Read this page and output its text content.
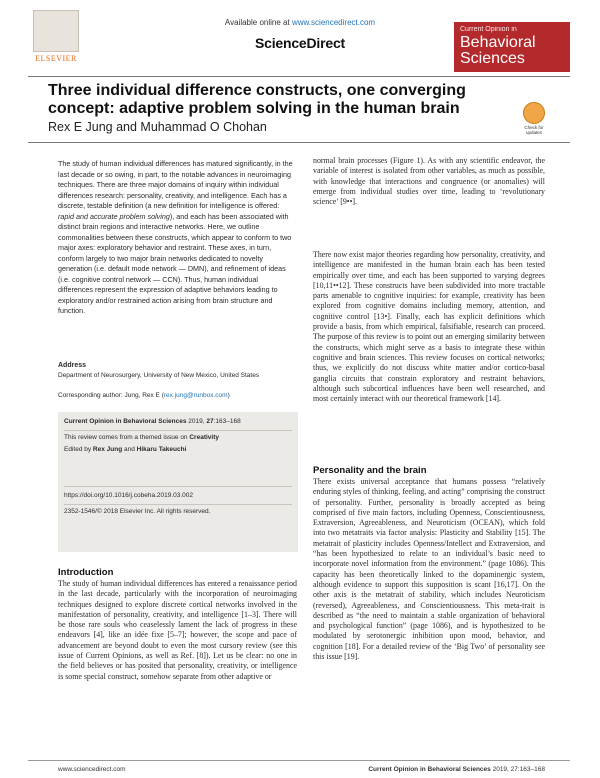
ELSEVIER
Available online at www.sciencedirect.com
ScienceDirect
Current Opinion in
Behavioral
Sciences
Three individual difference constructs, one converging concept: adaptive problem solving in the human brain
Rex E Jung and Muhammad O Chohan	Check for updates

The study of human individual differences has matured significantly, in the last decade or so owing, in part, to the notable advances in neuroimaging techniques. There are three major domains of inquiry within individual differences research: personality, creativity, and intelligence. Each has a discrete, testable definition (a new definition for intelligence is offered: rapid and accurate problem solving), and each has been associated with distinct brain regions and interactive networks. Here, we outline commonalities between these constructs, which appear to conform to two major axes: exploratory behavior and restraint. These axes, in turn, conform largely to two major brain networks dedicated to novelty generation (i.e. default mode network — DMN), and refinement of ideas (i.e. cognitive control network — CCN). Thus, human individual differences represent the expression of adaptive behaviors leading to exploratory and/or restrained action arising from brain structure and function.

Address
Department of Neurosurgery, University of New Mexico, United States
Corresponding author: Jung, Rex E (rex.jung@runbox.com)
Current Opinion in Behavioral Sciences 2019, 27:163–168
This review comes from a themed issue on Creativity
Edited by Rex Jung and Hikaru Takeuchi
https://doi.org/10.1016/j.cobeha.2019.03.002
2352-1546/© 2018 Elsevier Inc. All rights reserved.
Introduction

The study of human individual differences has entered a renaissance period in the last decade, particularly with the incorporation of neuroimaging techniques designed to explore discrete cortical networks involved in the manifestation of personality, creativity, and intelligence [1–3]. There will be those rare souls who ceaselessly lament the lack of progress in these endeavors [4], like an idée fixe [5–7]; however, the scope and pace of advancement are beyond doubt to even the most cursory review (see this issue of Current Opinions, as well as Ref. [8]). Let us be clear: no one in the field believes or has posited that personality, creativity, or intelligence is some special construct, somehow separate from other adaptive or

normal brain processes (Figure 1). As with any scientific endeavor, the variable of interest is isolated from other variables, as much as possible, with knowledge that interactions and congruence (or anomalies) will emerge from individual studies over time, leading to ‘revolutionary science’ [9••].

There now exist major theories regarding how personality, creativity, and intelligence are manifested in the human brain each has been tested empirically over time, and each has been supported to varying degrees [10,11••12]. These constructs have been subdivided into more tractable parts amenable to cognitive inquiries: for example, creativity has been explored from cognitive domains including memory, attention, and cognitive control [13•]. Finally, each has explicit definitions which provide a basis, from which empirical, falsifiable, research can proceed. The purpose of this review is to point out an emerging similarity between the constructs, which might serve as a basis to integrate these within cognitive and brain sciences. This review focuses on cortical networks; thus, we explicitly do not discuss white matter and/or cortico-basal ganglia circuits that constrain exploratory and restraint behaviors, although such subcortical influences have been well researched, and most certainly interact with our theoretical framework [14].

Personality and the brain

There exists universal acceptance that humans possess “relatively enduring styles of thinking, feeling, and acting” comprising the construct of personality. Further, personality is broadly accepted as being comprised of five main factors, including Openness, Conscientiousness, Extraversion, Agreeableness, and Neuroticism (OCEAN), which fold into two metatraits via factor analysis: Plasticity and Stability [15]. The metatrait of plasticity includes Openness/Intellect and Extraversion, and “has been hypothesized to relate to an individual’s basic need to incorporate novel information from the environment.” (page 1086). This capacity has been theoretically linked to the dopaminergic system, although evidence to support this supposition is scant [16,17]. On the other axis is the metatrait of stability, which includes Neuroticism (reversed), Agreeableness, and Conscientiousness. This meta-trait is described as “the need to maintain a stable organization of behavioral and psychological function” (page 1086), and is hypothesized to be modulated by serotonergic inhibition upon mood, behavior, and cognition [18]. For a detailed review of the ‘Big Two’ of personality see this issue [19].

www.sciencedirect.com	Current Opinion in Behavioral Sciences 2019, 27:163–168
